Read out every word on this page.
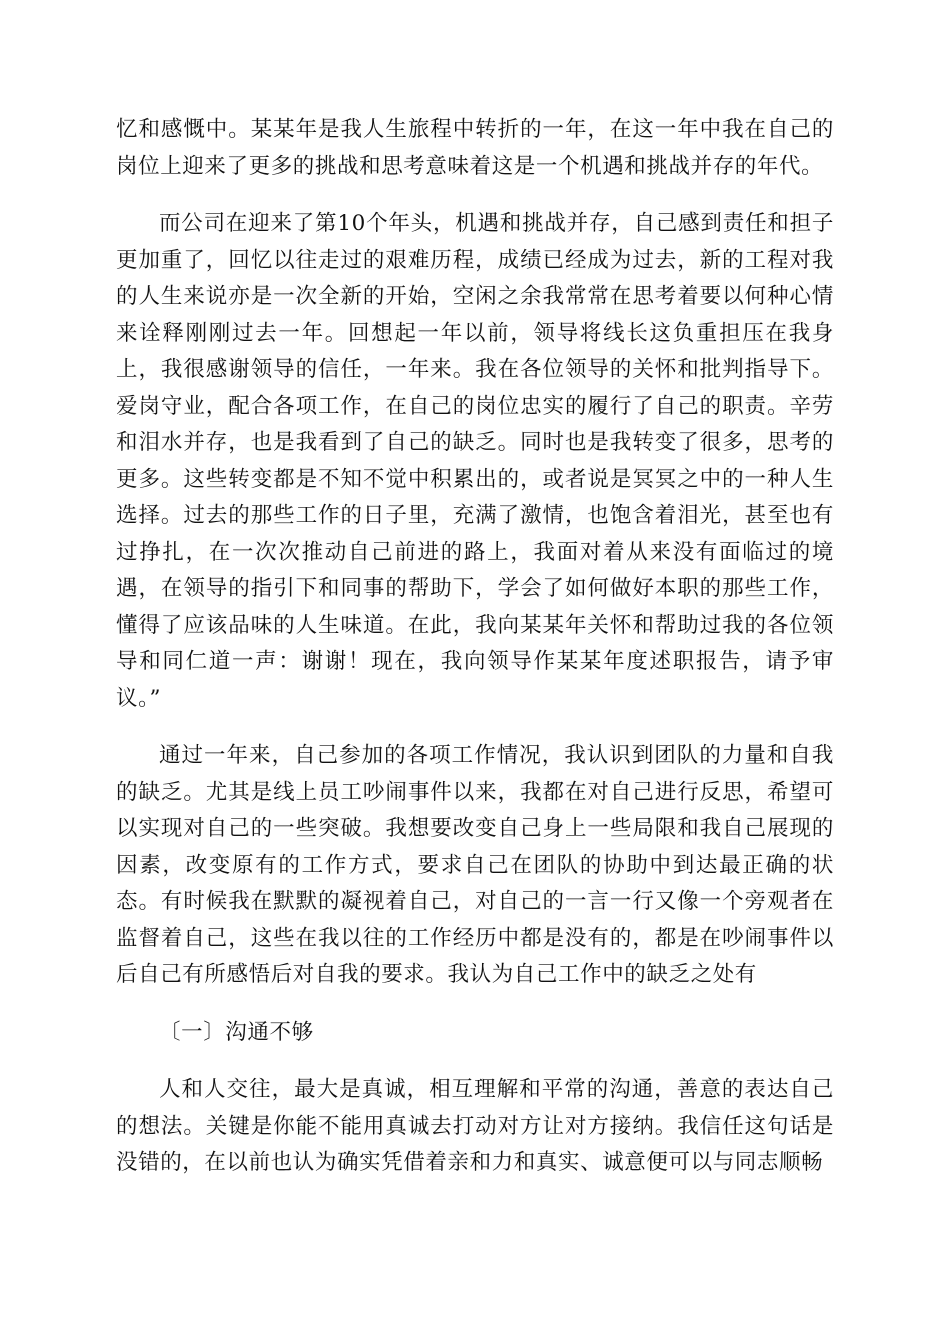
忆和感慨中。某某年是我人生旅程中转折的一年，在这一年中我在自己的岗位上迎来了更多的挑战和思考意味着这是一个机遇和挑战并存的年代。

而公司在迎来了第10个年头，机遇和挑战并存，自己感到责任和担子更加重了，回忆以往走过的艰难历程，成绩已经成为过去，新的工程对我的人生来说亦是一次全新的开始，空闲之余我常常在思考着要以何种心情来诠释刚刚过去一年。回想起一年以前，领导将线长这负重担压在我身上，我很感谢领导的信任，一年来。我在各位领导的关怀和批判指导下。爱岗守业，配合各项工作，在自己的岗位忠实的履行了自己的职责。辛劳和泪水并存，也是我看到了自己的缺乏。同时也是我转变了很多，思考的更多。这些转变都是不知不觉中积累出的，或者说是冥冥之中的一种人生选择。过去的那些工作的日子里，充满了激情，也饱含着泪光，甚至也有过挣扎，在一次次推动自己前进的路上，我面对着从来没有面临过的境遇，在领导的指引下和同事的帮助下，学会了如何做好本职的那些工作，懂得了应该品味的人生味道。在此，我向某某年关怀和帮助过我的各位领导和同仁道一声：谢谢！现在，我向领导作某某年度述职报告，请予审议。”

通过一年来，自己参加的各项工作情况，我认识到团队的力量和自我的缺乏。尤其是线上员工吵闹事件以来，我都在对自己进行反思，希望可以实现对自己的一些突破。我想要改变自己身上一些局限和我自己展现的因素，改变原有的工作方式，要求自己在团队的协助中到达最正确的状态。有时候我在默默的凝视着自己，对自己的一言一行又像一个旁观者在监督着自己，这些在我以往的工作经历中都是没有的，都是在吵闹事件以后自己有所感悟后对自我的要求。我认为自己工作中的缺乏之处有

〔一〕沟通不够

人和人交往，最大是真诚，相互理解和平常的沟通，善意的表达自己的想法。关键是你能不能用真诚去打动对方让对方接纳。我信任这句话是没错的，在以前也认为确实凭借着亲和力和真实、诚意便可以与同志顺畅
